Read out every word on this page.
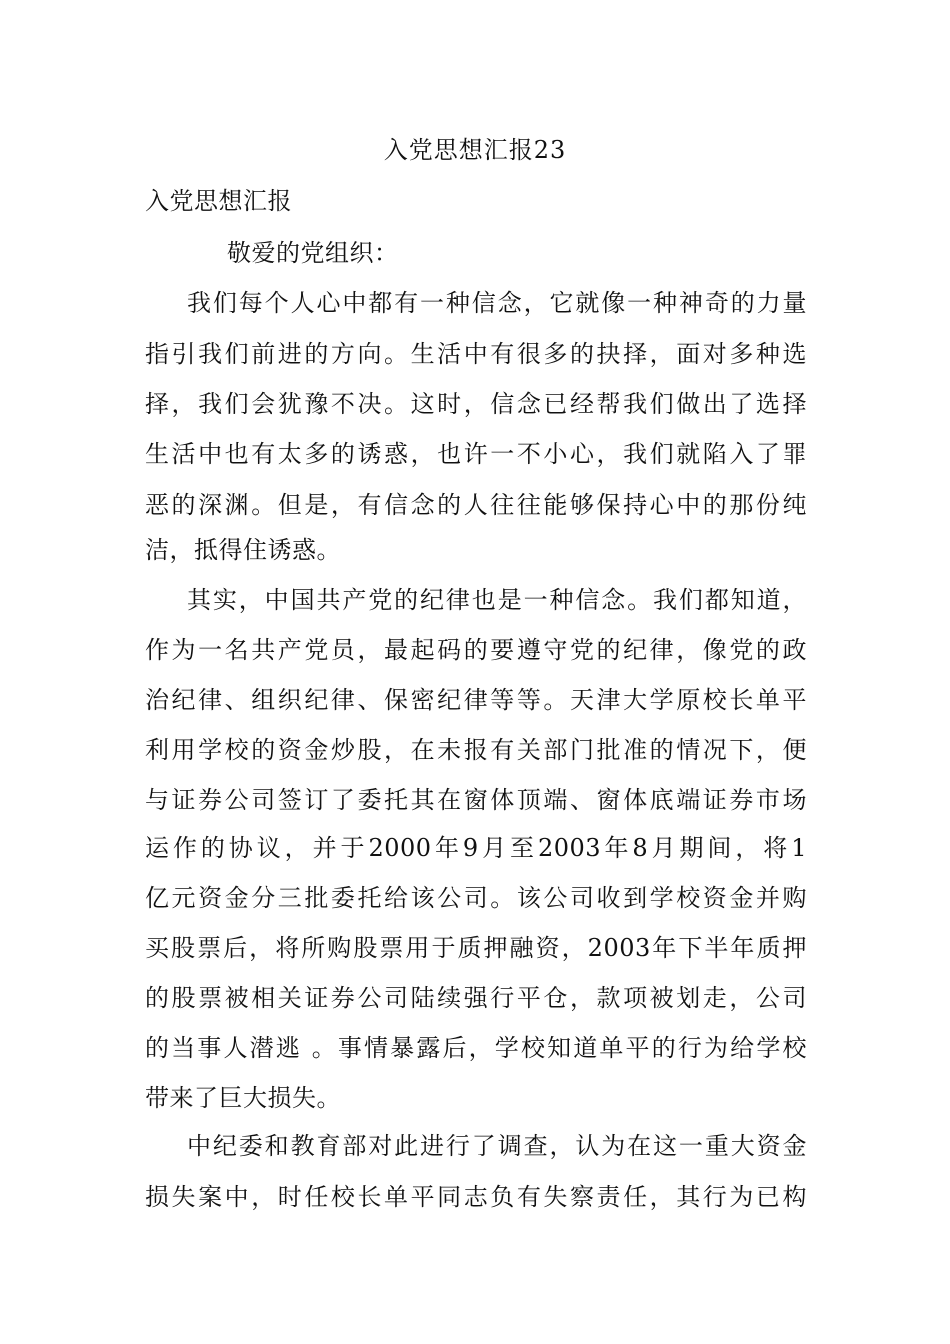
入党思想汇报23
入党思想汇报
敬爱的党组织：
我们每个人心中都有一种信念，它就像一种神奇的力量
指引我们前进的方向。生活中有很多的抉择，面对多种选
择，我们会犹豫不决。这时，信念已经帮我们做出了选择
生活中也有太多的诱惑，也许一不小心，我们就陷入了罪
恶的深渊。但是，有信念的人往往能够保持心中的那份纯
洁，抵得住诱惑。
其实，中国共产党的纪律也是一种信念。我们都知道，
作为一名共产党员，最起码的要遵守党的纪律，像党的政
治纪律、组织纪律、保密纪律等等。天津大学原校长单平
利用学校的资金炒股，在未报有关部门批准的情况下，便
与证券公司签订了委托其在窗体顶端、窗体底端证券市场
运作的协议，并于2000年9月至2003年8月期间，将1
亿元资金分三批委托给该公司。该公司收到学校资金并购
买股票后，将所购股票用于质押融资，2003年下半年质押
的股票被相关证券公司陆续强行平仓，款项被划走，公司
的当事人潜逃 。事情暴露后，学校知道单平的行为给学校
带来了巨大损失。
中纪委和教育部对此进行了调查，认为在这一重大资金
损失案中，时任校长单平同志负有失察责任，其行为已构
